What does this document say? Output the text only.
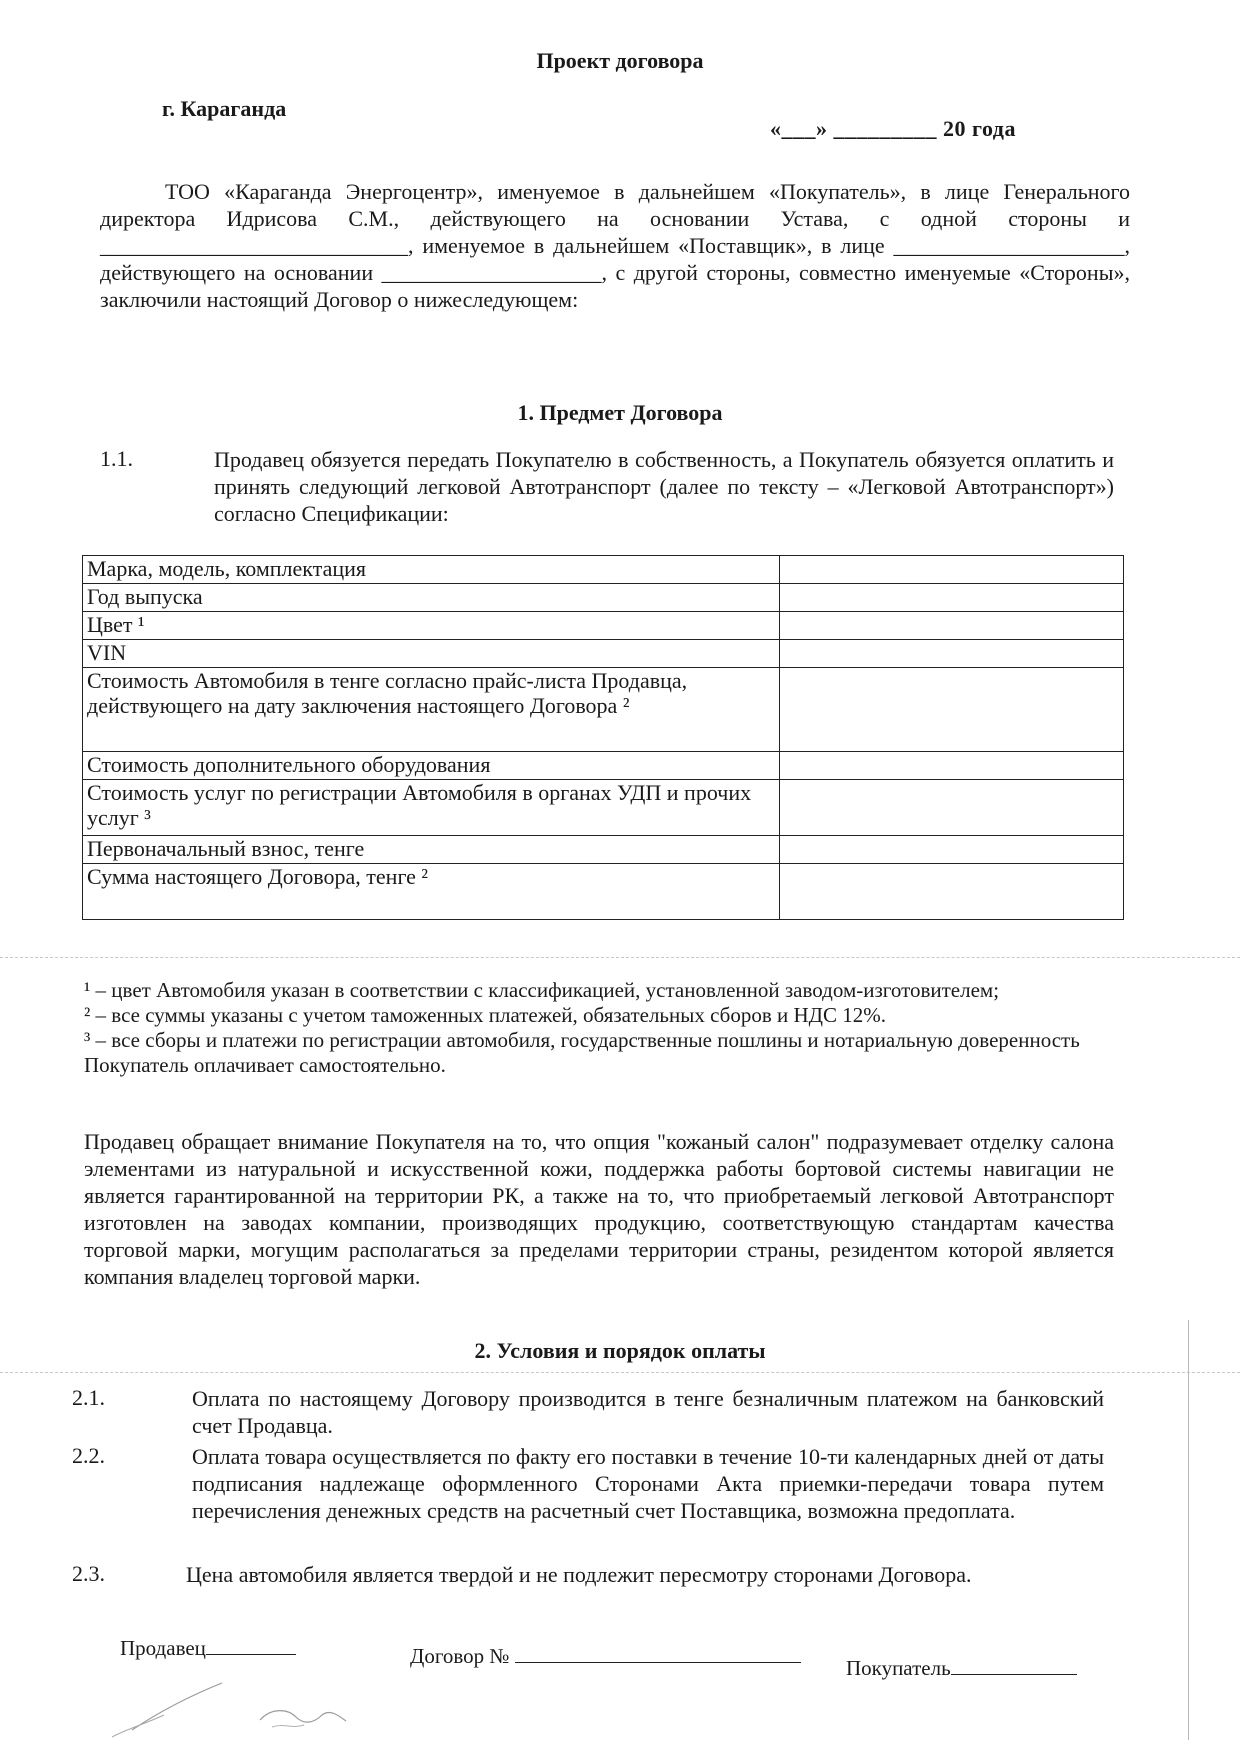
Проект договора
г. Караганда
«___» _________ 20 года

ТОО «Караганда Энергоцентр», именуемое в дальнейшем «Покупатель», в лице Генерального директора Идрисова С.М., действующего на основании Устава, с одной стороны и ____________________________, именуемое в дальнейшем «Поставщик», в лице _____________________, действующего на основании ____________________, с другой стороны, совместно именуемые «Стороны», заключили настоящий Договор о нижеследующем:

1. Предмет Договора
1.1.	Продавец обязуется передать Покупателю в собственность, а Покупатель обязуется оплатить и принять следующий легковой Автотранспорт (далее по тексту – «Легковой Автотранспорт») согласно Спецификации:
Марка, модель, комплектация	
Год выпуска	
Цвет ¹	
VIN	
Стоимость Автомобиля в тенге согласно прайс-листа Продавца, действующего на дату заключения настоящего Договора ²	
Стоимость дополнительного оборудования	
Стоимость услуг по регистрации Автомобиля в органах УДП и прочих услуг ³	
Первоначальный взнос, тенге	
Сумма настоящего Договора, тенге ²	
¹ – цвет Автомобиля указан в соответствии с классификацией, установленной заводом-изготовителем;
² – все суммы указаны с учетом таможенных платежей, обязательных сборов и НДС 12%.
³ – все сборы и платежи по регистрации автомобиля, государственные пошлины и нотариальную доверенность Покупатель оплачивает самостоятельно.
Продавец обращает внимание Покупателя на то, что опция "кожаный салон" подразумевает отделку салона элементами из натуральной и искусственной кожи, поддержка работы бортовой системы навигации не является гарантированной на территории РК, а также на то, что приобретаемый легковой Автотранспорт изготовлен на заводах компании, производящих продукцию, соответствующую стандартам качества торговой марки, могущим располагаться за пределами территории страны, резидентом которой является компания владелец торговой марки.
2. Условия и порядок оплаты
2.1.	Оплата по настоящему Договору производится в тенге безналичным платежом на банковский счет Продавца.
2.2.	Оплата товара осуществляется по факту его поставки в течение 10-ти календарных дней от даты подписания надлежаще оформленного Сторонами Акта приемки-передачи товара путем перечисления денежных средств на расчетный счет Поставщика, возможна предоплата.
2.3.	Цена автомобиля является твердой и не подлежит пересмотру сторонами Договора.
Продавец	Договор №	Покупатель
